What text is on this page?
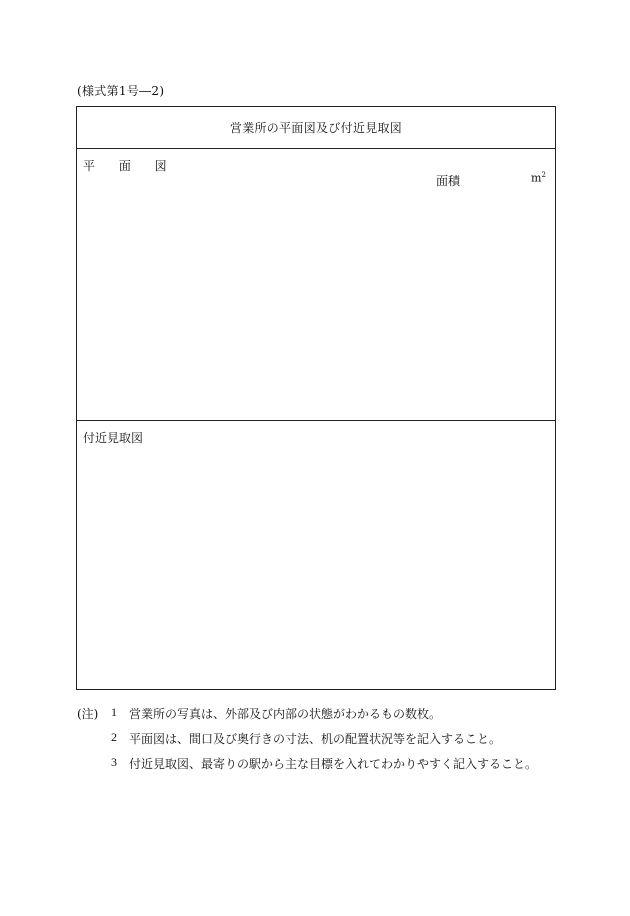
(様式第1号―2)
営業所の平面図及び付近見取図
平 面 図
面積	$m^2$
付近見取図
(注) 1 営業所の写真は、外部及び内部の状態がわかるもの数枚。
2 平面図は、間口及び奥行きの寸法、机の配置状況等を記入すること。
3 付近見取図、最寄りの駅から主な目標を入れてわかりやすく記入すること。
